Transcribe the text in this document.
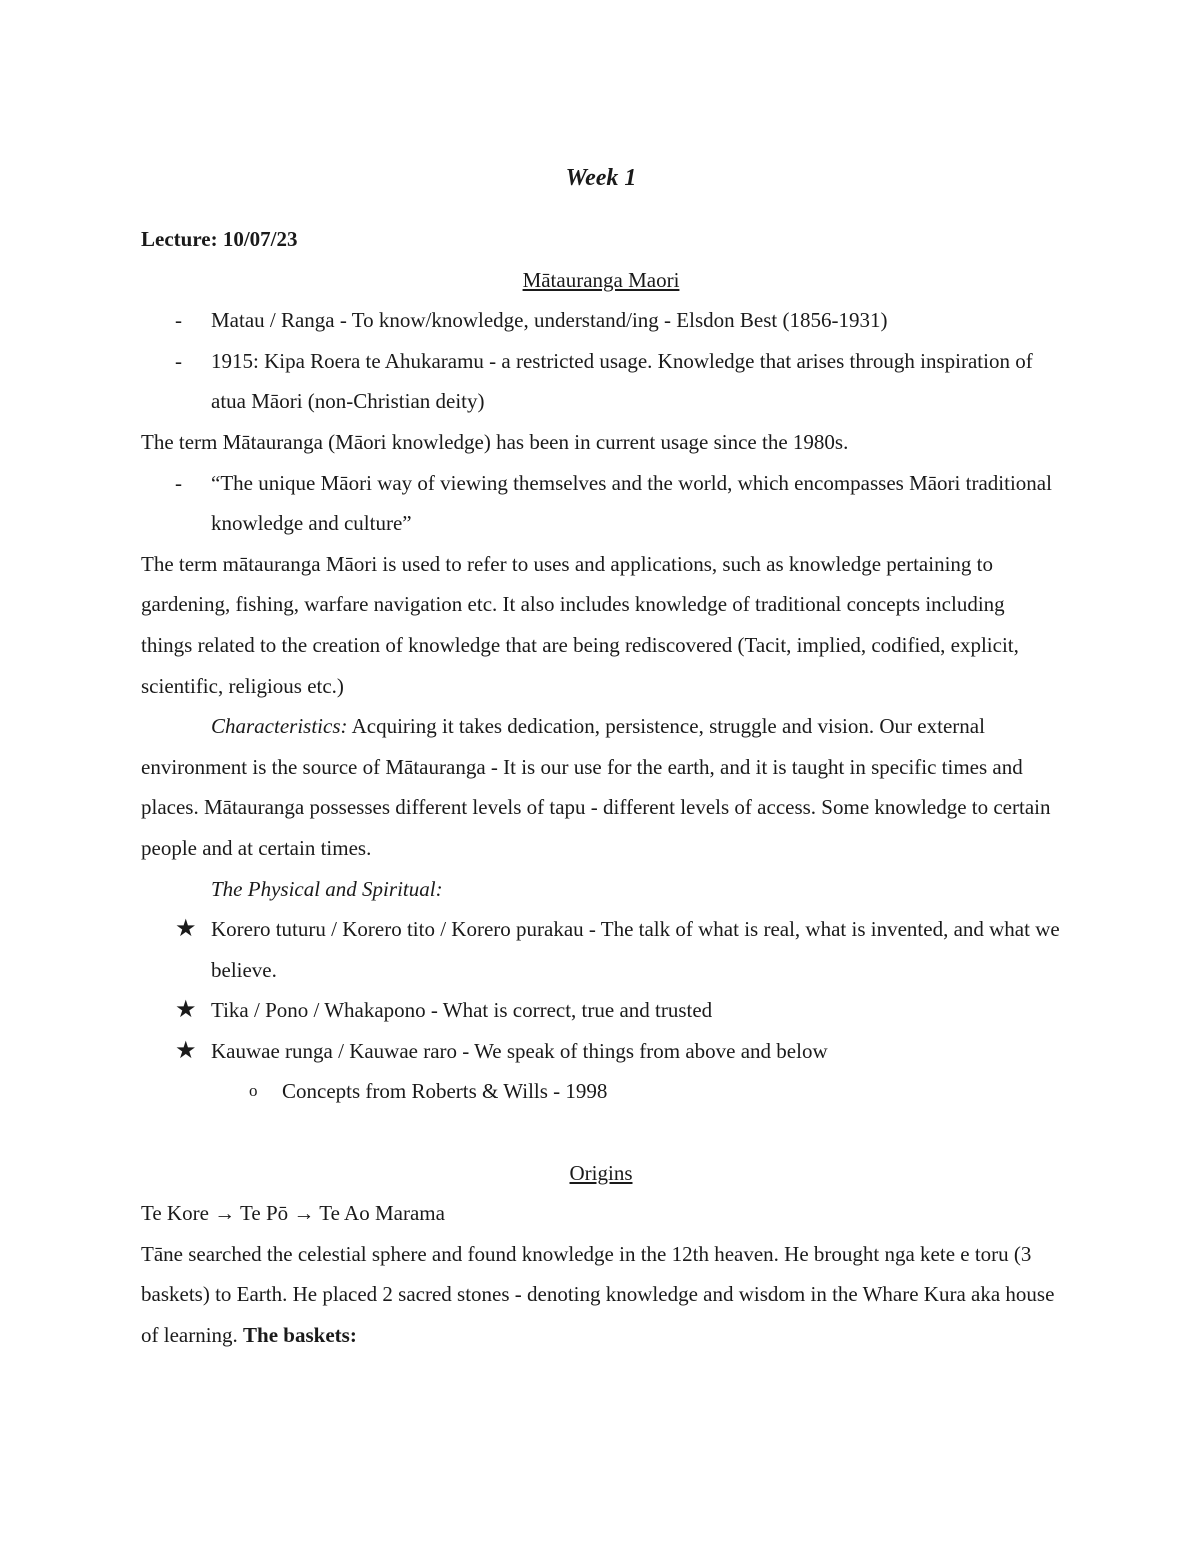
Week 1

Lecture: 10/07/23

Mātauranga Maori

- Matau / Ranga - To know/knowledge, understand/ing - Elsdon Best (1856-1931)
- 1915: Kipa Roera te Ahukaramu - a restricted usage. Knowledge that arises through inspiration of atua Māori (non-Christian deity)

The term Mātauranga (Māori knowledge) has been in current usage since the 1980s.

- “The unique Māori way of viewing themselves and the world, which encompasses Māori traditional knowledge and culture”

The term mātauranga Māori is used to refer to uses and applications, such as knowledge pertaining to gardening, fishing, warfare navigation etc. It also includes knowledge of traditional concepts including things related to the creation of knowledge that are being rediscovered (Tacit, implied, codified, explicit, scientific, religious etc.)

Characteristics: Acquiring it takes dedication, persistence, struggle and vision. Our external environment is the source of Mātauranga - It is our use for the earth, and it is taught in specific times and places. Mātauranga possesses different levels of tapu - different levels of access. Some knowledge to certain people and at certain times.

The Physical and Spiritual:

★ Korero tuturu / Korero tito / Korero purakau - The talk of what is real, what is invented, and what we believe.
★ Tika / Pono / Whakapono - What is correct, true and trusted
★ Kauwae runga / Kauwae raro - We speak of things from above and below
o Concepts from Roberts & Wills - 1998

Origins

Te Kore → Te Pō → Te Ao Marama

Tāne searched the celestial sphere and found knowledge in the 12th heaven. He brought nga kete e toru (3 baskets) to Earth. He placed 2 sacred stones - denoting knowledge and wisdom in the Whare Kura aka house of learning. The baskets:
